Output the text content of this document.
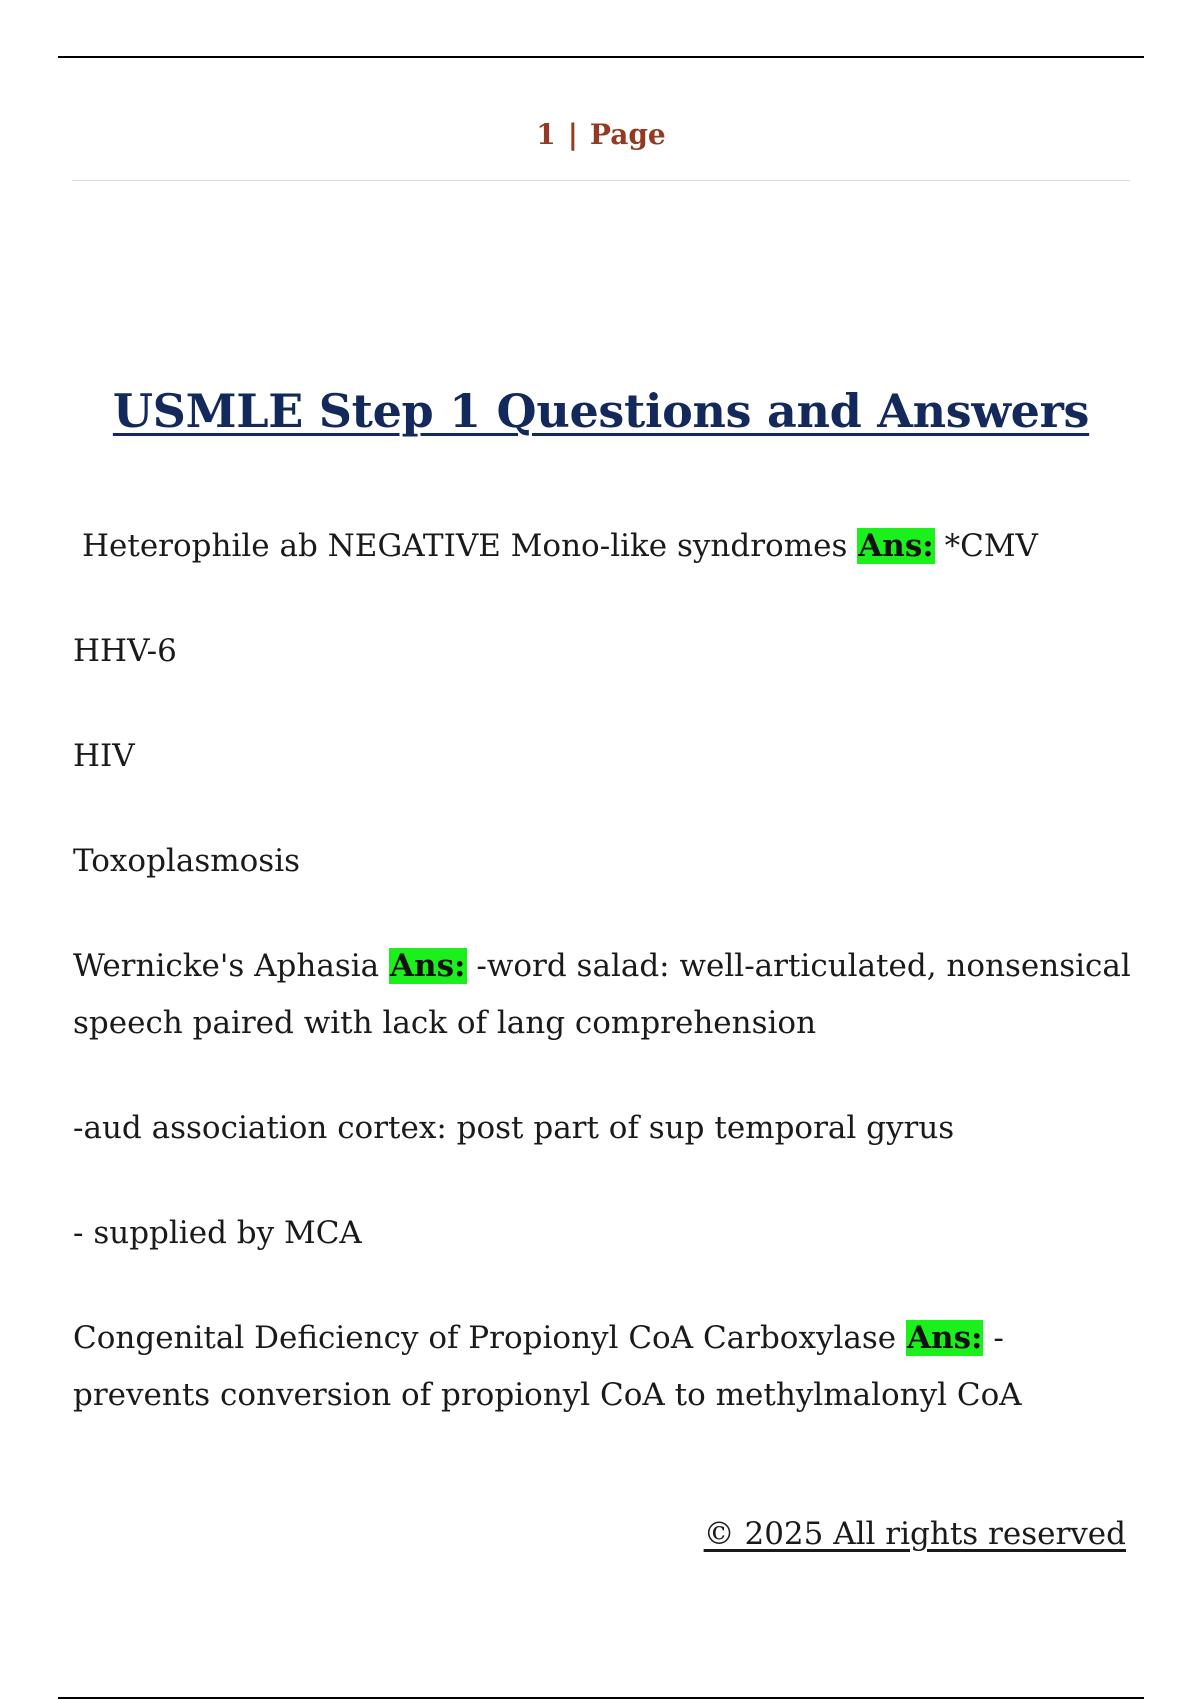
1 | Page
USMLE Step 1 Questions and Answers

Heterophile ab NEGATIVE Mono-like syndromes Ans: *CMV

HHV-6

HIV

Toxoplasmosis

Wernicke's Aphasia Ans: -word salad: well-articulated, nonsensical speech paired with lack of lang comprehension

-aud association cortex: post part of sup temporal gyrus

- supplied by MCA

Congenital Deficiency of Propionyl CoA Carboxylase Ans: -prevents conversion of propionyl CoA to methylmalonyl CoA

© 2025 All rights reserved
